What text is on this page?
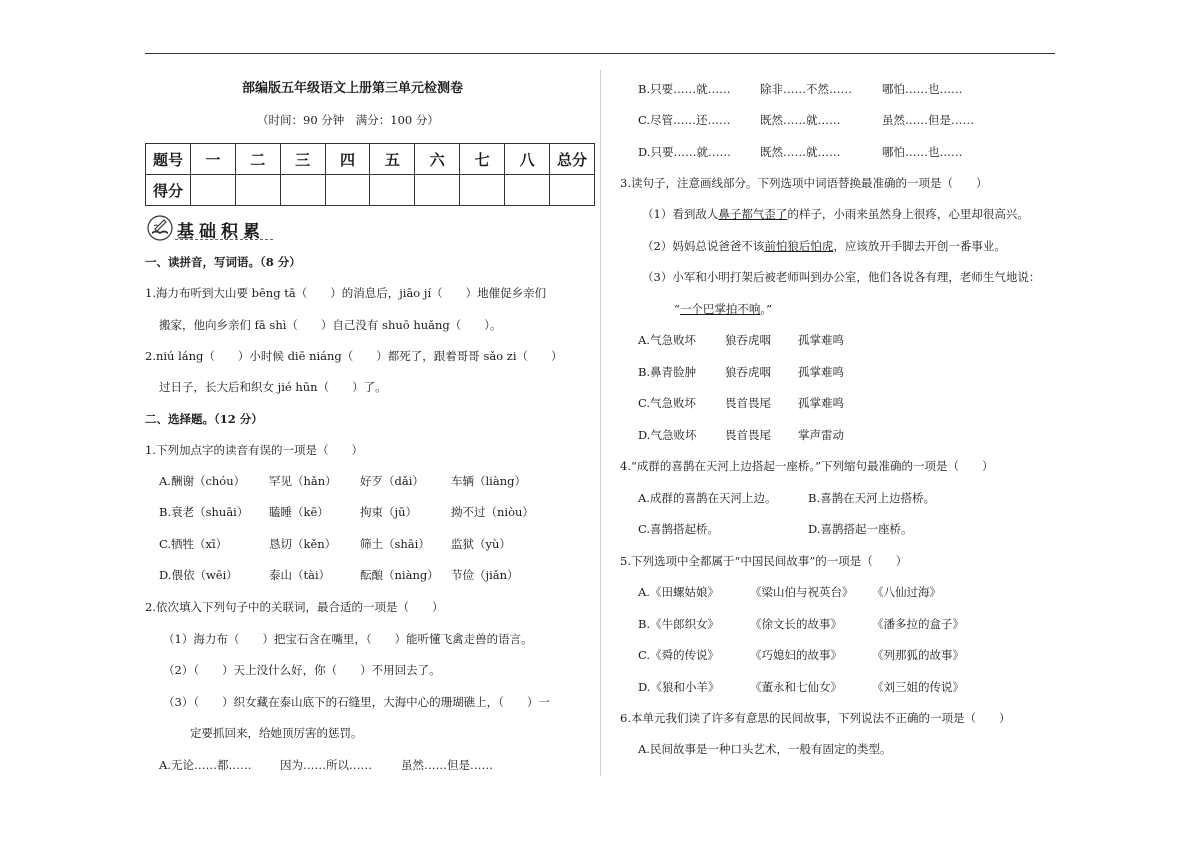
部编版五年级语文上册第三单元检测卷
（时间：90 分钟　满分：100 分）
题号	一	二	三	四	五	六	七	八	总分
得分									
基础积累
一、读拼音，写词语。（8 分）
1.海力布听到大山要 bēng tā（　　）的消息后，jiāo jí（　　）地催促乡亲们
搬家，他向乡亲们 fā shì（　　）自己没有 shuō huǎng（　　）。
2.niú láng（　　）小时候 diē niáng（　　）都死了，跟着哥哥 sǎo zi（　　）
过日子，长大后和织女 jié hūn（　　）了。
二、选择题。（12 分）
1.下列加点字的读音有误的一项是（　　）
A.酬谢（chóu） 罕见（hǎn） 好歹（dǎi） 车辆（liàng）
B.衰老（shuāi） 瞌睡（kē）	拘束（jū）	拗不过（niòu）
C.牺牲（xī）	恳切（kěn） 筛土（shāi） 监狱（yù）
D.偎依（wēi）	泰山（tài）	酝酿（niàng） 节俭（jiǎn）
2.依次填入下列句子中的关联词，最合适的一项是（　　）
（1）海力布（　　）把宝石含在嘴里，（　　）能听懂飞禽走兽的语言。
（2）（　　）天上没什么好，你（　　）不用回去了。
（3）（　　）织女藏在泰山底下的石缝里，大海中心的珊瑚礁上，（　　）一
定要抓回来，给她顶厉害的惩罚。
A.无论……都…… 因为……所以……	虽然……但是……
B.只要……就……	除非……不然……	哪怕……也……
C.尽管……还……	既然……就……	虽然……但是……
D.只要……就……	既然……就……	哪怕……也……
3.读句子，注意画线部分。下列选项中词语替换最准确的一项是（　　）
（1）看到敌人鼻子都气歪了的样子，小雨来虽然身上很疼，心里却很高兴。
（2）妈妈总说爸爸不该前怕狼后怕虎，应该放开手脚去开创一番事业。
（3）小军和小明打架后被老师叫到办公室，他们各说各有理，老师生气地说：
“一个巴掌拍不响。”
A.气急败坏	狼吞虎咽 孤掌难鸣
B.鼻青脸肿	狼吞虎咽 孤掌难鸣
C.气急败坏	畏首畏尾 孤掌难鸣
D.气急败坏 畏首畏尾 掌声雷动
4.“成群的喜鹊在天河上边搭起一座桥。”下列缩句最准确的一项是（　　）
A.成群的喜鹊在天河上边。	B.喜鹊在天河上边搭桥。
C.喜鹊搭起桥。	D.喜鹊搭起一座桥。
5.下列选项中全都属于“中国民间故事”的一项是（　　）
A.《田螺姑娘》	《梁山伯与祝英台》 《八仙过海》
B.《牛郎织女》	《徐文长的故事》	《潘多拉的盒子》
C.《舜的传说》	《巧媳妇的故事》	《列那狐的故事》
D.《狼和小羊》	《董永和七仙女》	《刘三姐的传说》
6.本单元我们读了许多有意思的民间故事，下列说法不正确的一项是（　　）
A.民间故事是一种口头艺术，一般有固定的类型。
